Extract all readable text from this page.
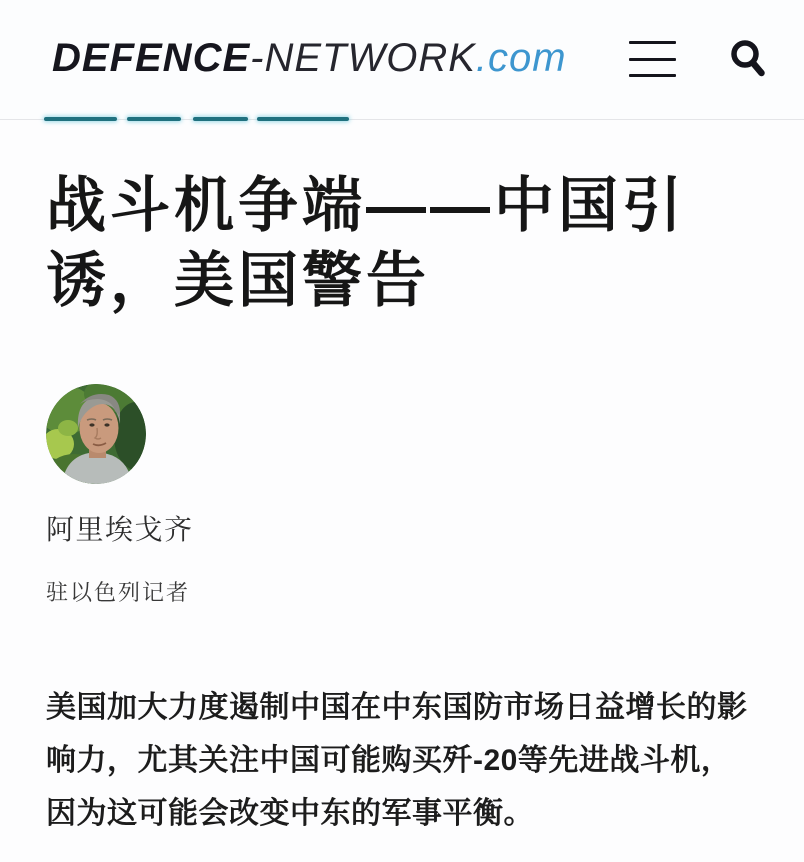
DEFENCE-NETWORK.com
战斗机争端——中国引诱，美国警告
阿里埃戈齐
驻以色列记者

美国加大力度遏制中国在中东国防市场日益增长的影响力，尤其关注中国可能购买歼-20等先进战斗机，因为这可能会改变中东的军事平衡。
